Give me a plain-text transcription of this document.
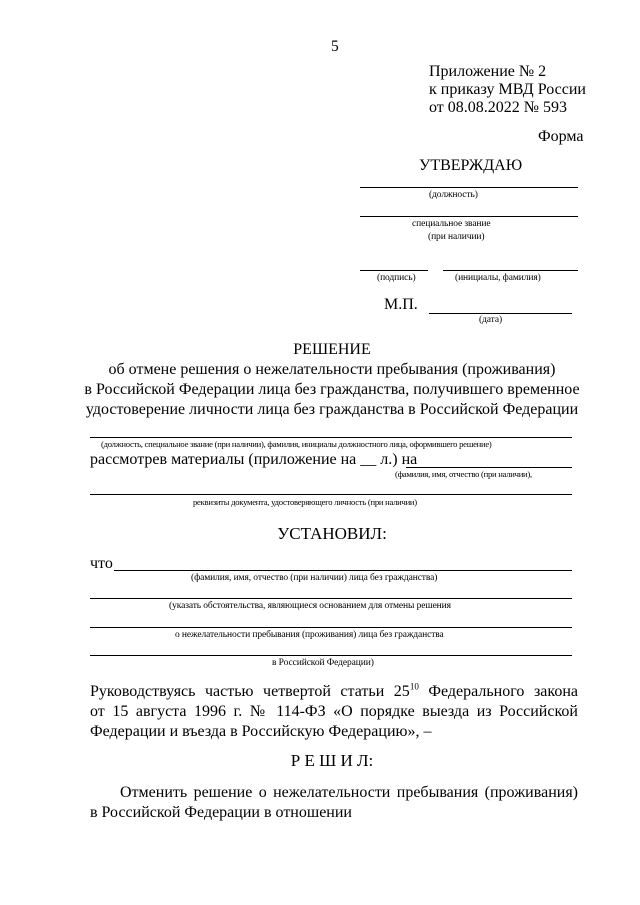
5
Приложение № 2
к приказу МВД России
от 08.08.2022 № 593
Форма
УТВЕРЖДАЮ
(должность)
специальное звание
(при наличии)
(подпись)	(инициалы, фамилия)
М.П.
(дата)
РЕШЕНИЕ
об отмене решения о нежелательности пребывания (проживания)
в Российской Федерации лица без гражданства, получившего временное
удостоверение личности лица без гражданства в Российской Федерации
(должность, специальное звание (при наличии), фамилия, инициалы должностного лица, оформившего решение)
рассмотрев материалы (приложение на __ л.) на
(фамилия, имя, отчество (при наличии),
реквизиты документа, удостоверяющего личность (при наличии)
УСТАНОВИЛ:
что
(фамилия, имя, отчество (при наличии) лица без гражданства)
(указать обстоятельства, являющиеся основанием для отмены решения
о нежелательности пребывания (проживания) лица без гражданства
в Российской Федерации)
Руководствуясь частью четвертой статьи $25^{10}$ Федерального закона
от 15 августа 1996 г. № 114-ФЗ «О порядке выезда из Российской
Федерации и въезда в Российскую Федерацию», –
Р Е Ш И Л:
Отменить решение о нежелательности пребывания (проживания)
в Российской Федерации в отношении
